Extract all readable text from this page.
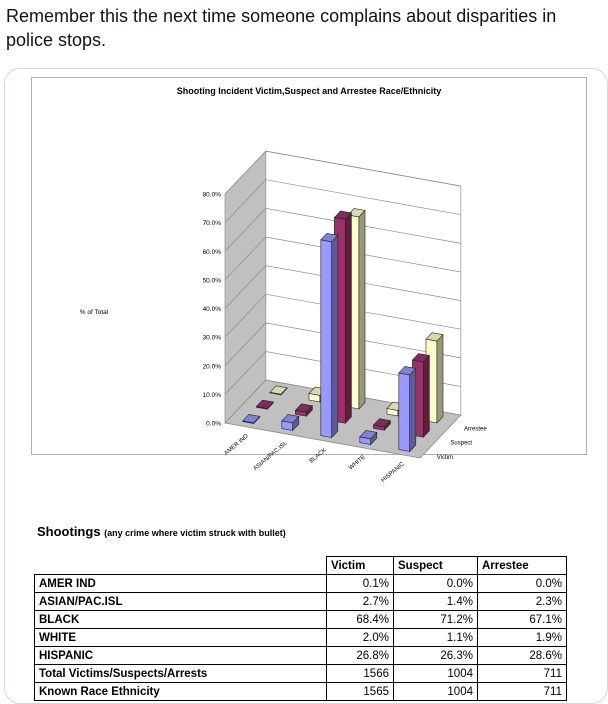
Remember this the next time someone complains about disparities in police stops.
Shooting Incident Victim,Suspect and Arrestee Race/Ethnicity
0.0%
10.0%
20.0%
30.0%
40.0%
50.0%
60.0%
70.0%
80.0%
% of Total
AMER IND ASIAN/PAC.ISL	BLACK	WHITE HISPANIC
Victim
Suspect
Arrestee
Shootings (any crime where victim struck with bullet)
	Victim	Suspect	Arrestee
AMER IND	0.1%	0.0%	0.0%
ASIAN/PAC.ISL	2.7%	1.4%	2.3%
BLACK	68.4%	71.2%	67.1%
WHITE	2.0%	1.1%	1.9%
HISPANIC	26.8%	26.3%	28.6%
Total Victims/Suspects/Arrests	1566	1004	711
Known Race Ethnicity	1565	1004	711
